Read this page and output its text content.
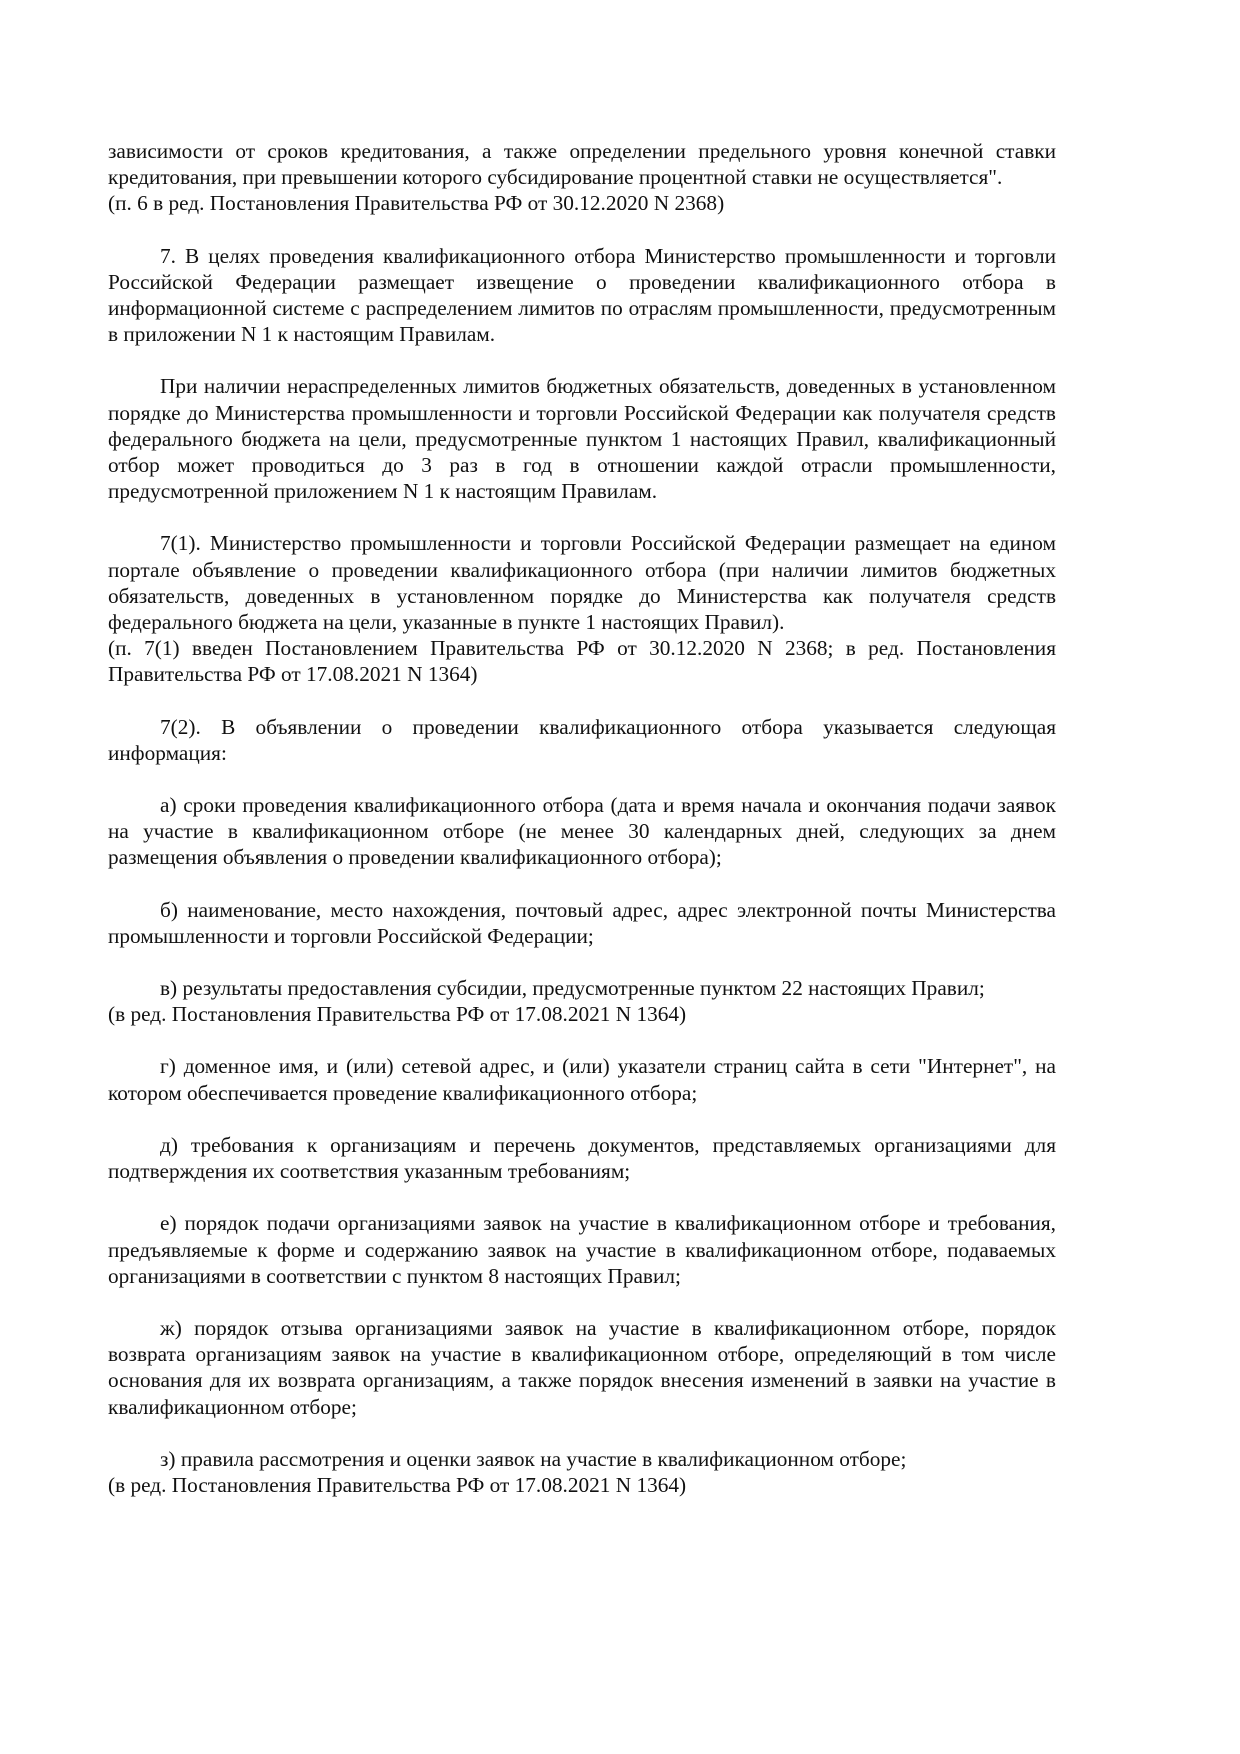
зависимости от сроков кредитования, а также определении предельного уровня конечной ставки кредитования, при превышении которого субсидирование процентной ставки не осуществляется".

(п. 6 в ред. Постановления Правительства РФ от 30.12.2020 N 2368)

7. В целях проведения квалификационного отбора Министерство промышленности и торговли Российской Федерации размещает извещение о проведении квалификационного отбора в информационной системе с распределением лимитов по отраслям промышленности, предусмотренным в приложении N 1 к настоящим Правилам.

При наличии нераспределенных лимитов бюджетных обязательств, доведенных в установленном порядке до Министерства промышленности и торговли Российской Федерации как получателя средств федерального бюджета на цели, предусмотренные пунктом 1 настоящих Правил, квалификационный отбор может проводиться до 3 раз в год в отношении каждой отрасли промышленности, предусмотренной приложением N 1 к настоящим Правилам.

7(1). Министерство промышленности и торговли Российской Федерации размещает на едином портале объявление о проведении квалификационного отбора (при наличии лимитов бюджетных обязательств, доведенных в установленном порядке до Министерства как получателя средств федерального бюджета на цели, указанные в пункте 1 настоящих Правил).

(п. 7(1) введен Постановлением Правительства РФ от 30.12.2020 N 2368; в ред. Постановления Правительства РФ от 17.08.2021 N 1364)

7(2). В объявлении о проведении квалификационного отбора указывается следующая информация:

а) сроки проведения квалификационного отбора (дата и время начала и окончания подачи заявок на участие в квалификационном отборе (не менее 30 календарных дней, следующих за днем размещения объявления о проведении квалификационного отбора);

б) наименование, место нахождения, почтовый адрес, адрес электронной почты Министерства промышленности и торговли Российской Федерации;

в) результаты предоставления субсидии, предусмотренные пунктом 22 настоящих Правил;

(в ред. Постановления Правительства РФ от 17.08.2021 N 1364)

г) доменное имя, и (или) сетевой адрес, и (или) указатели страниц сайта в сети "Интернет", на котором обеспечивается проведение квалификационного отбора;

д) требования к организациям и перечень документов, представляемых организациями для подтверждения их соответствия указанным требованиям;

е) порядок подачи организациями заявок на участие в квалификационном отборе и требования, предъявляемые к форме и содержанию заявок на участие в квалификационном отборе, подаваемых организациями в соответствии с пунктом 8 настоящих Правил;

ж) порядок отзыва организациями заявок на участие в квалификационном отборе, порядок возврата организациям заявок на участие в квалификационном отборе, определяющий в том числе основания для их возврата организациям, а также порядок внесения изменений в заявки на участие в квалификационном отборе;

з) правила рассмотрения и оценки заявок на участие в квалификационном отборе;

(в ред. Постановления Правительства РФ от 17.08.2021 N 1364)
